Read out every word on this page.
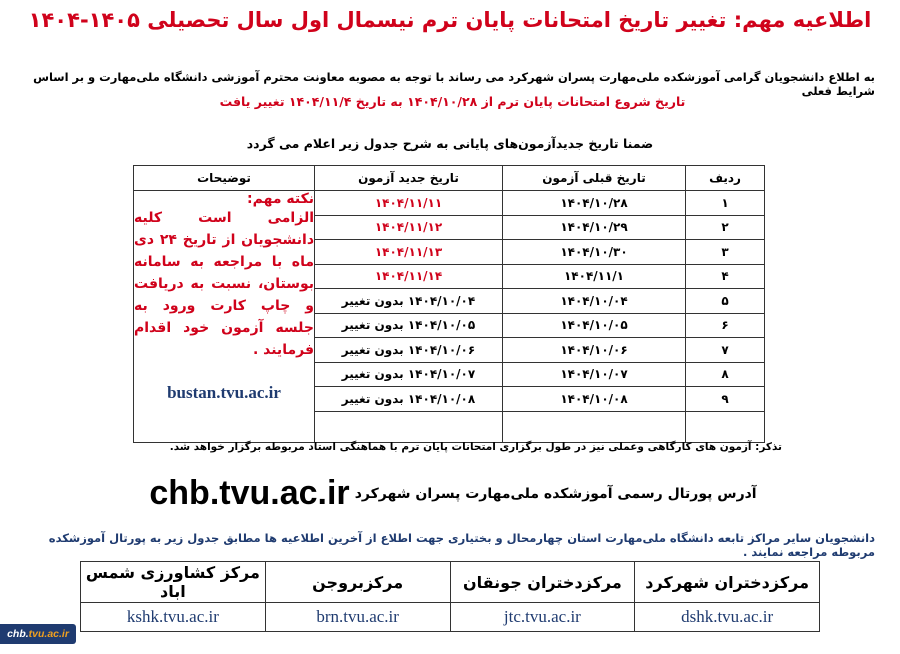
اطلاعیه مهم: تغییر تاریخ امتحانات پایان ترم نیسمال اول سال تحصیلی ۱۴۰۵-۱۴۰۴
به اطلاع دانشجویان گرامی آموزشکده ملی‌مهارت پسران شهرکرد می رساند با توجه به مصوبه معاونت محترم آموزشی دانشگاه ملی‌مهارت و بر اساس شرایط فعلی
تاریخ شروع امتحانات پایان ترم از ۱۴۰۴/۱۰/۲۸ به تاریخ ۱۴۰۴/۱۱/۴ تغییر یافت
ضمنا تاریخ جدیدآزمون‌های پایانی به شرح جدول زیر اعلام می گردد
ردیف	تاریخ قبلی آزمون	تاریخ جدید آزمون	توضیحات
۱	۱۴۰۴/۱۰/۲۸	۱۴۰۴/۱۱/۱۱	نکته مهم:
الزامی است کلیه دانشجویان از تاریخ ۲۴ دی ماه با مراجعه به سامانه بوستان، نسبت به دریافت و چاپ کارت ورود به جلسه آزمون خود اقدام فرمایند .
bustan.tvu.ac.ir

۲	۱۴۰۴/۱۰/۲۹	۱۴۰۴/۱۱/۱۲	
۳	۱۴۰۴/۱۰/۳۰	۱۴۰۴/۱۱/۱۳	
۴	۱۴۰۴/۱۱/۱	۱۴۰۴/۱۱/۱۴	
۵	۱۴۰۴/۱۰/۰۴	۱۴۰۴/۱۰/۰۴ بدون تغییر	
۶	۱۴۰۴/۱۰/۰۵	۱۴۰۴/۱۰/۰۵ بدون تغییر	
۷	۱۴۰۴/۱۰/۰۶	۱۴۰۴/۱۰/۰۶ بدون تغییر	
۸	۱۴۰۴/۱۰/۰۷	۱۴۰۴/۱۰/۰۷ بدون تغییر	
۹	۱۴۰۴/۱۰/۰۸	۱۴۰۴/۱۰/۰۸ بدون تغییر	

تذکر: آزمون های کارگاهی وعملی نیز در طول برگزاری امتحانات پایان ترم با هماهنگی استاد مربوطه برگزار خواهد شد.
آدرس پورتال رسمی آموزشکده ملی‌مهارت پسران شهرکرد chb.tvu.ac.ir
دانشجویان سایر مراکز تابعه دانشگاه ملی‌مهارت استان چهارمحال و بختیاری جهت اطلاع از آخرین اطلاعیه ها مطابق جدول زیر به پورتال آموزشکده مربوطه مراجعه نمایند .
مرکزدختران شهرکرد	مرکزدختران جونقان	مرکزبروجن	مرکز کشاورزی شمس اباد
dshk.tvu.ac.ir	jtc.tvu.ac.ir	brn.tvu.ac.ir	kshk.tvu.ac.ir
chb.tvu.ac.ir
